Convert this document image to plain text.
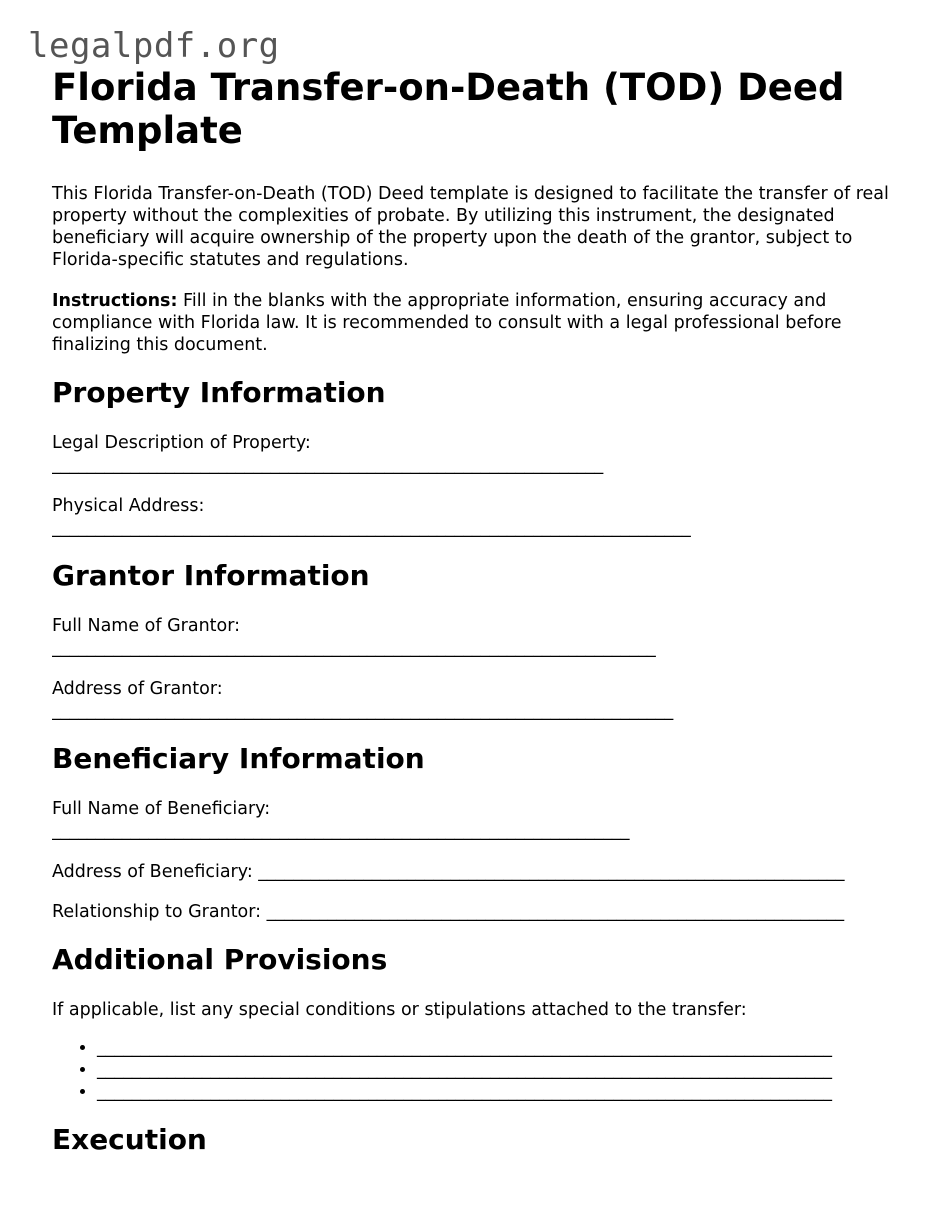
legalpdf.org
Florida Transfer-on-Death (TOD) Deed Template

This Florida Transfer-on-Death (TOD) Deed template is designed to facilitate the transfer of real property without the complexities of probate. By utilizing this instrument, the designated beneficiary will acquire ownership of the property upon the death of the grantor, subject to Florida-specific statutes and regulations.

Instructions: Fill in the blanks with the appropriate information, ensuring accuracy and compliance with Florida law. It is recommended to consult with a legal professional before finalizing this document.

Property Information
Legal Description of Property:
_______________________________________________________________
Physical Address:
_________________________________________________________________________
Grantor Information
Full Name of Grantor:
_____________________________________________________________________
Address of Grantor:
_______________________________________________________________________
Beneficiary Information
Full Name of Beneficiary:
__________________________________________________________________
Address of Beneficiary: ___________________________________________________________________
Relationship to Grantor: __________________________________________________________________
Additional Provisions

If applicable, list any special conditions or stipulations attached to the transfer:

• ____________________________________________________________________________________
• ____________________________________________________________________________________
• ____________________________________________________________________________________
Execution
